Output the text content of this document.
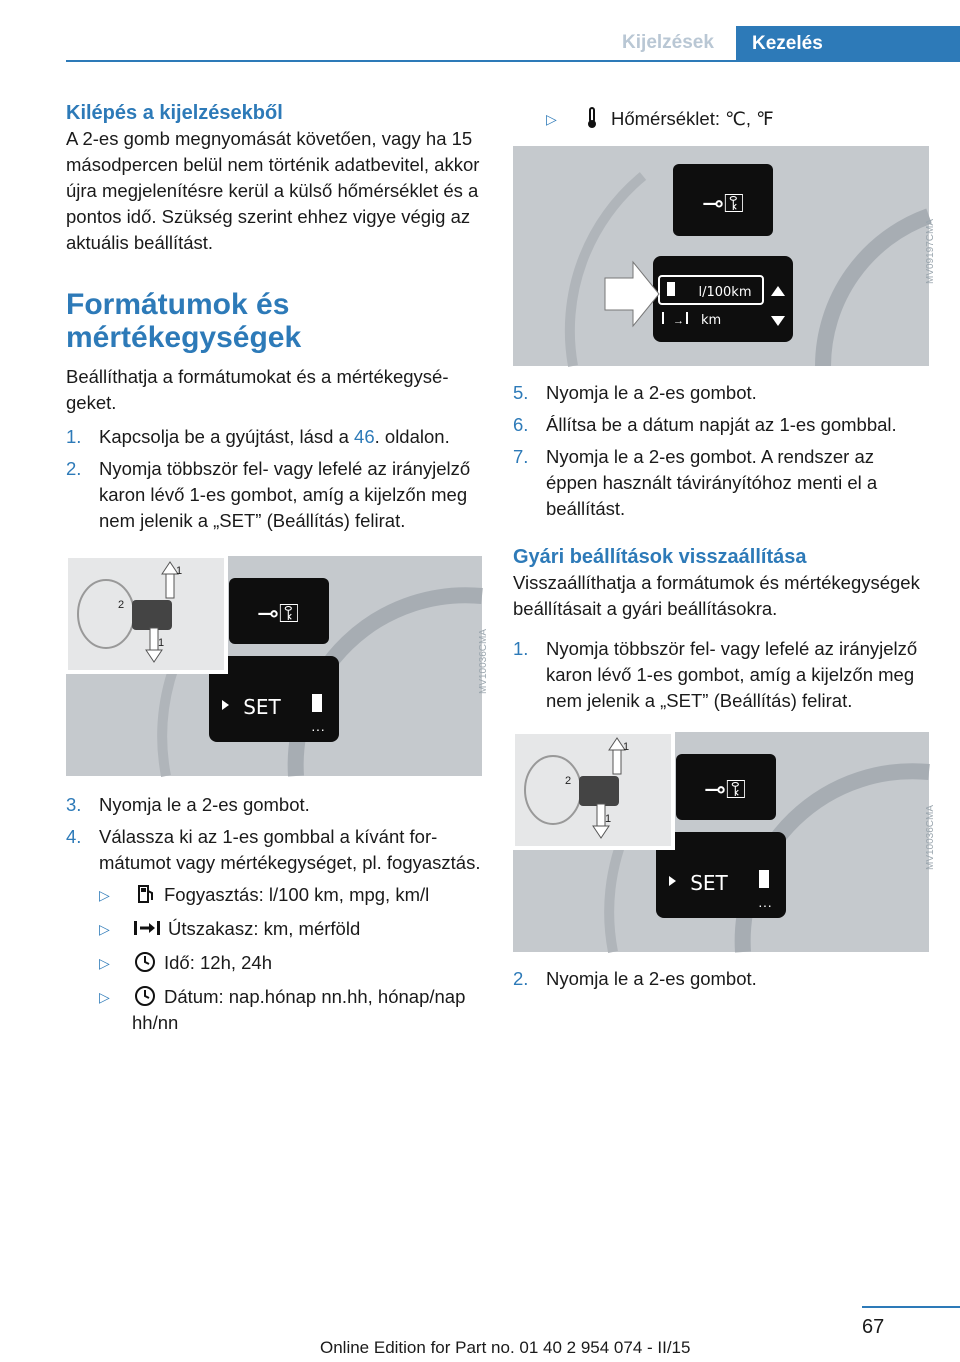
Kijelzések	Kezelés
Kilépés a kijelzésekből

A 2-es gomb megnyomását követően, vagy ha 15 másodpercen belül nem történik adatbevitel, akkor újra megjelenítésre kerül a külső hőmérséklet és a pontos idő. Szükség szerint ehhez vigye végig az aktuális beállítást.

Formátumok és mértékegységek

Beállíthatja a formátumokat és a mértékegységeket.

1. Kapcsolja be a gyújtást, lásd a 46. oldalon.
2. Nyomja többször fel- vagy lefelé az irányjelző karon lévő 1-es gombot, amíg a kijelzőn meg nem jelenik a „SET” (Beállítás) felirat.
⊸⚿
SET
···
1
1
2
MV10036CMA
3. Nyomja le a 2-es gombot.
4. Válassza ki az 1-es gombbal a kívánt formátumot vagy mértékegységet, pl. fogyasztás.
▷	Fogyasztás: l/100 km, mpg, km/l
▷	Útszakasz: km, mérföld
▷	Idő: 12h, 24h
▷	Dátum: nap.hónap nn.hh, hónap/nap hh/nn
▷	Hőmérséklet: ℃, ℉
⊸⚿
l/100km
→ km
MV09197CMA
5. Nyomja le a 2-es gombot.
6. Állítsa be a dátum napját az 1-es gombbal.
7. Nyomja le a 2-es gombot. A rendszer az éppen használt távirányítóhoz menti el a beállítást.
Gyári beállítások visszaállítása

Visszaállíthatja a formátumok és mértékegységek beállításait a gyári beállításokra.

1. Nyomja többször fel- vagy lefelé az irányjelző karon lévő 1-es gombot, amíg a kijelzőn meg nem jelenik a „SET” (Beállítás) felirat.
⊸⚿
SET
···
1
1
2
MV10036CMA
2. Nyomja le a 2-es gombot.
67
Online Edition for Part no. 01 40 2 954 074 - II/15
